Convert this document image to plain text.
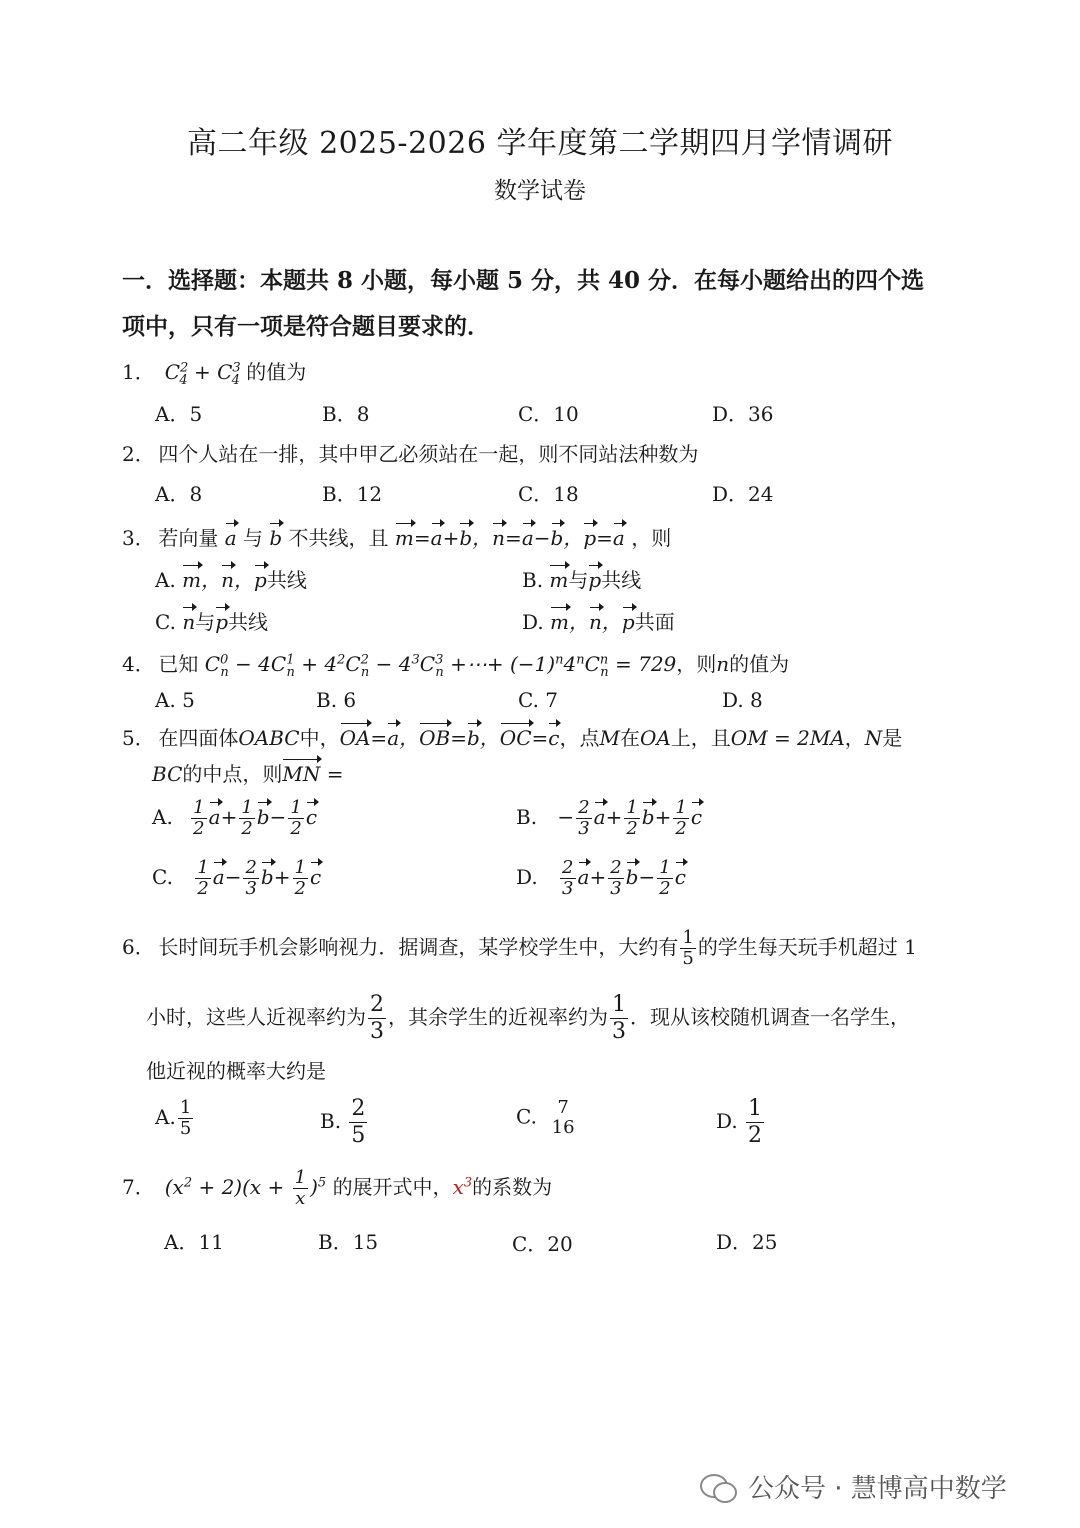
高二年级 2025-2026 学年度第二学期四月学情调研
数学试卷
一．选择题：本题共 8 小题，每小题 5 分，共 40 分．在每小题给出的四个选
项中，只有一项是符合题目要求的．
1．  $C^2_4 + C^3_4$ 的值为
A．5	B．8	C．10	D．36
2． 四个人站在一排，其中甲乙必须站在一起，则不同站法种数为
A．8	B．12	C．18	D．24
3． 若向量 a 与 b 不共线，且 m=a+b，n=a−b，p=a ，则
A. m，n，p共线	B. m与p共线
C. n与p共线	D. m，n，p共面
4． 已知 $C^0_n - 4C^1_n + 4^2C^2_n - 4^3C^3_n$ +⋯+ $(-1)^n4^nC^n_n = 729$，则n的值为
A. 5	B. 6	C. 7	D. 8
5． 在四面体OABC中，OA=a，OB=b，OC=c，点M在OA上，且OM = 2MA，N是
BC的中点，则MN =
A. $\frac{1}{2} a+ \frac{1}{2} b- \frac{1}{2}$ c	B. − $\frac{2}{3} a+ \frac{1}{2} b+ \frac{1}{2}$ c
C. $\frac{1}{2} a- \frac{2}{3} b+ \frac{1}{2}$ c	D. $\frac{2}{3} a+ \frac{2}{3} b- \frac{1}{2}$ c
6． 长时间玩手机会影响视力．据调查，某学校学生中，大约有 $\frac{1}{5}$ 的学生每天玩手机超过 1
小时，这些人近视率约为 $\frac{2}{3}$ ，其余学生的近视率约为 $\frac{1}{3}$ ．现从该校随机调查一名学生，
他近视的概率大约是
A. $\frac{1}{5}$	B. $\frac{2}{5}$	C. 7
16	D. $\frac{1}{2}$
7．  $(x^2 + 2)(x + \frac{1}{x} )^5$ 的展开式中，$x^3$的系数为
A．11	B．15	C．20	D．25
公众号 · 慧博高中数学
